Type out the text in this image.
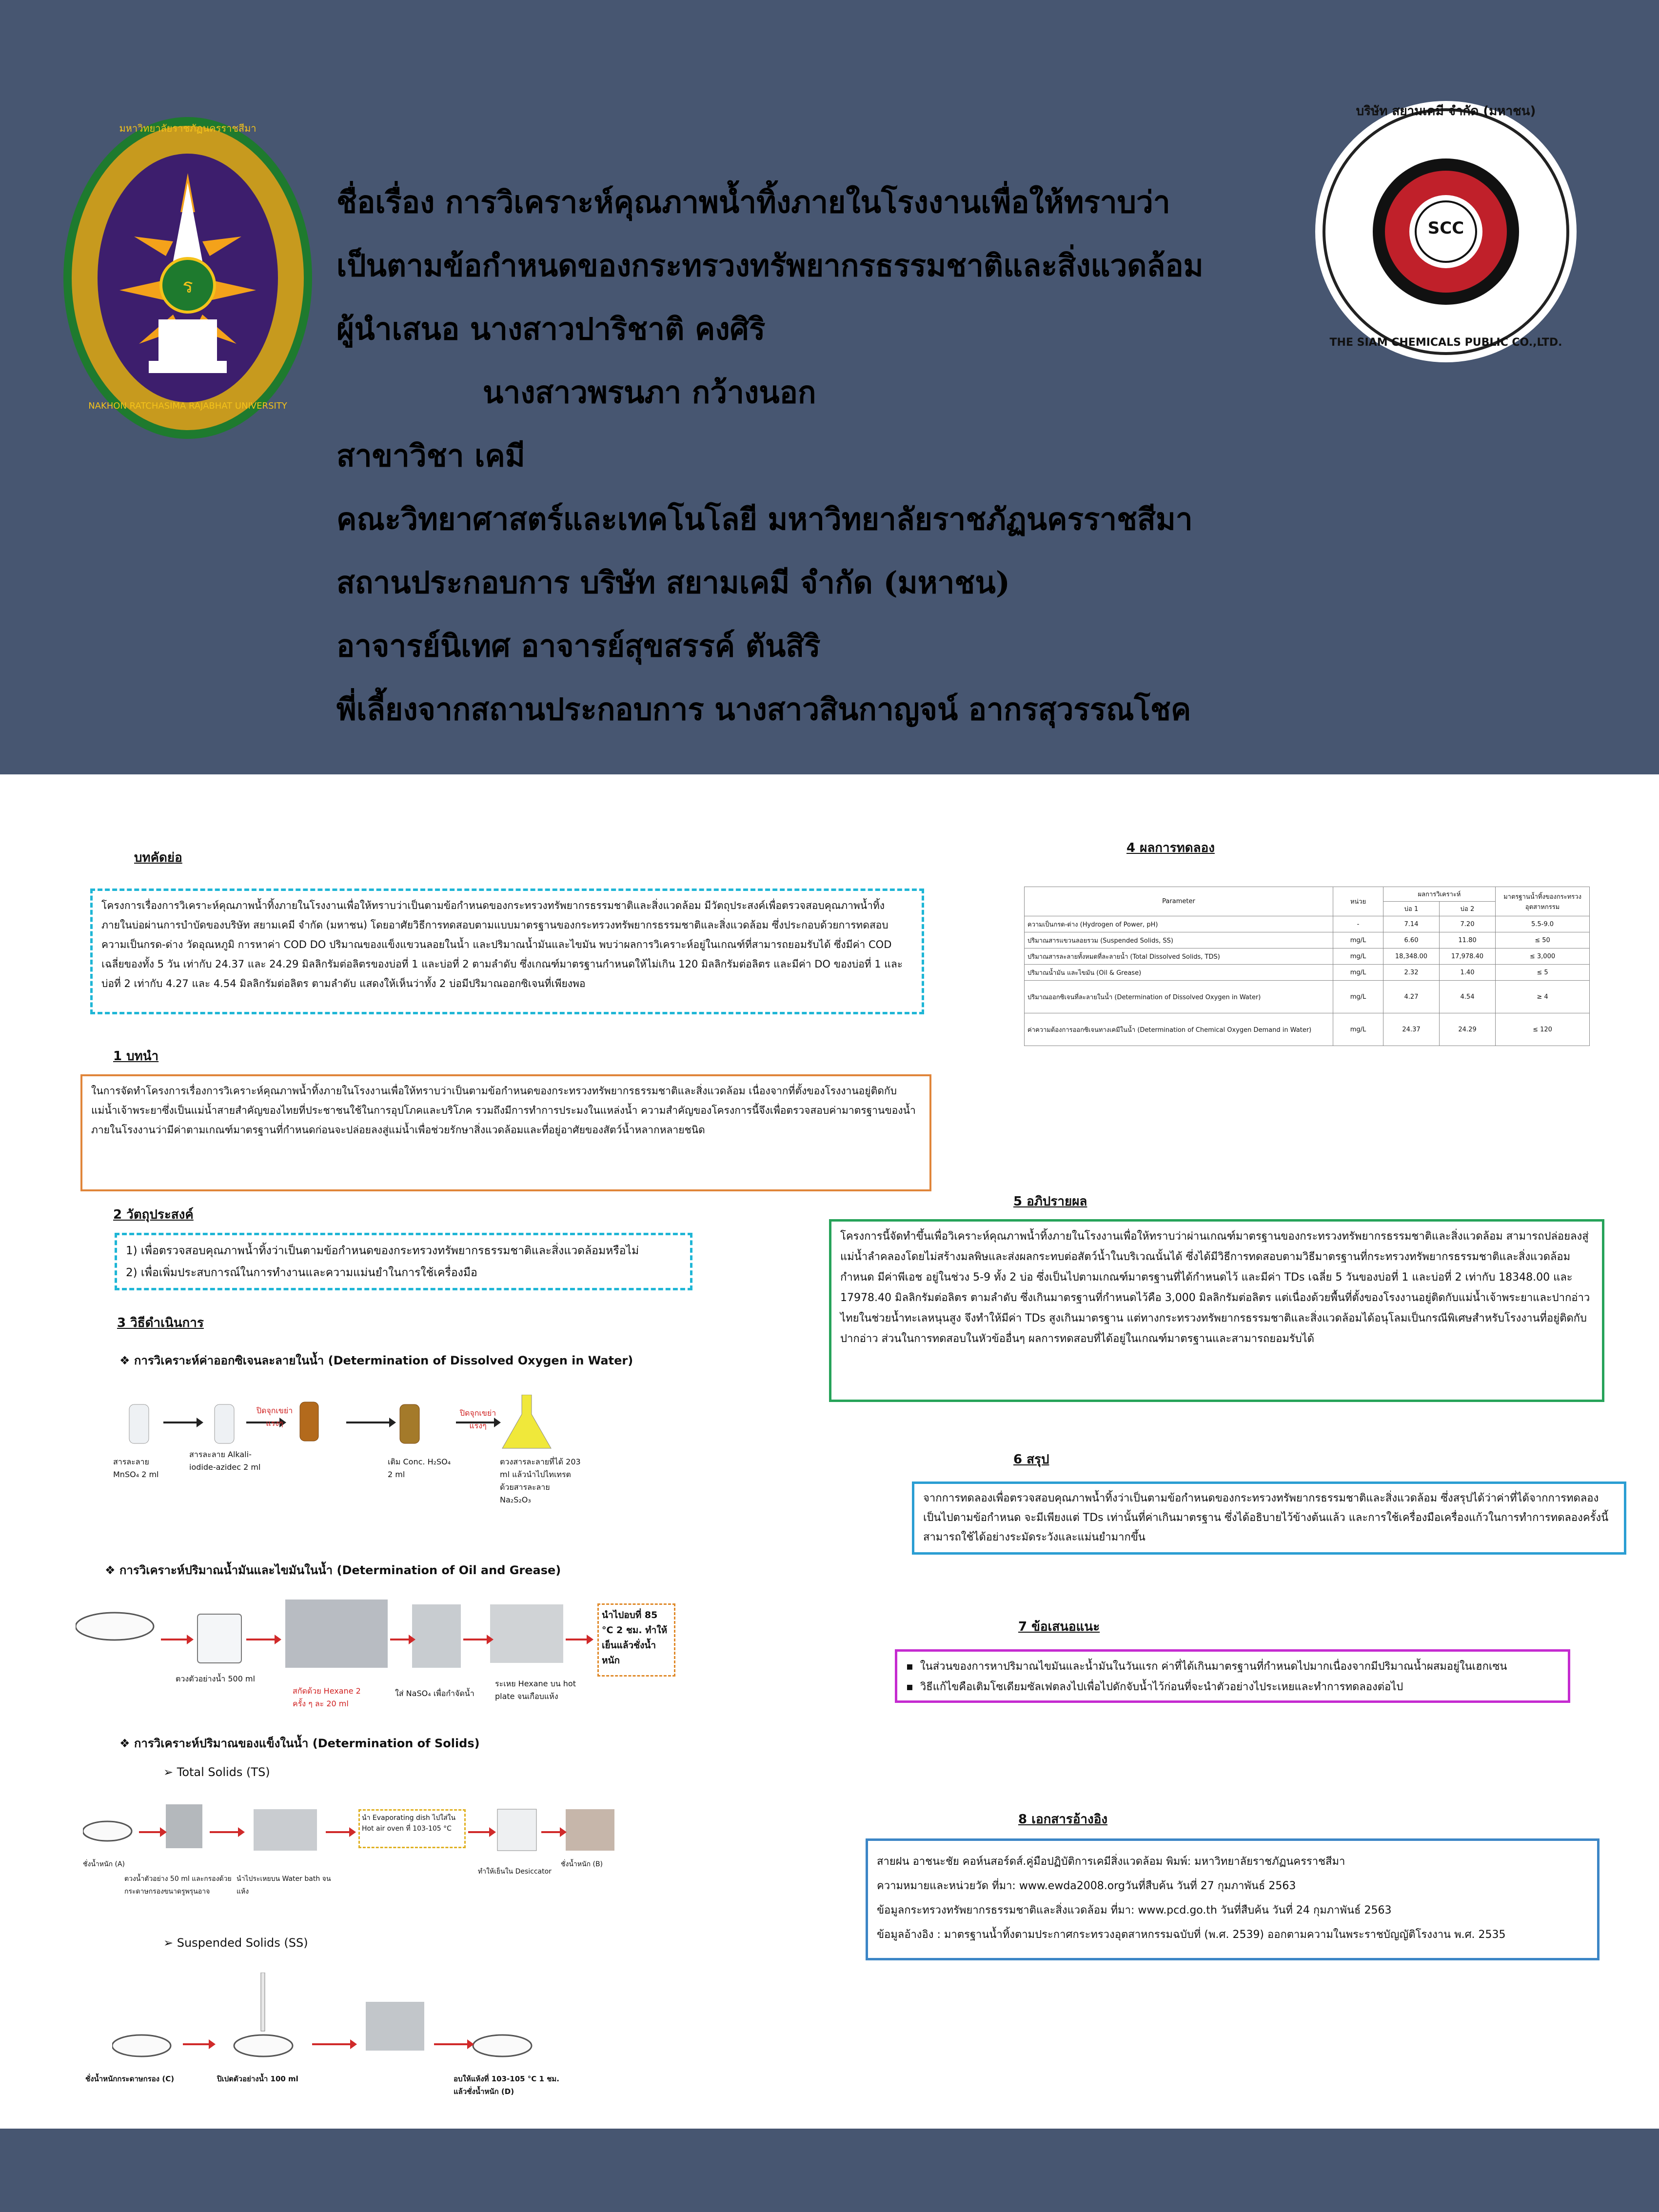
ร
NAKHON RATCHASIMA RAJABHAT UNIVERSITY
มหาวิทยาลัยราชภัฏนครราชสีมา
SCC
บริษัท สยามเคมี จำกัด (มหาชน)
THE SIAM CHEMICALS PUBLIC CO.,LTD.
ชื่อเรื่อง การวิเคราะห์คุณภาพน้ำทิ้งภายในโรงงานเพื่อให้ทราบว่า
เป็นตามข้อกำหนดของกระทรวงทรัพยากรธรรมชาติและสิ่งแวดล้อม
ผู้นำเสนอ นางสาวปาริชาติ คงศิริ
นางสาวพรนภา กว้างนอก
สาขาวิชา เคมี
คณะวิทยาศาสตร์และเทคโนโลยี มหาวิทยาลัยราชภัฏนครราชสีมา
สถานประกอบการ บริษัท สยามเคมี จำกัด (มหาชน)
อาจารย์นิเทศ อาจารย์สุขสรรค์ ตันสิริ
พี่เลี้ยงจากสถานประกอบการ นางสาวสินกาญจน์ อากรสุวรรณโชค
บทคัดย่อ

โครงการเรื่องการวิเคราะห์คุณภาพน้ำทิ้งภายในโรงงานเพื่อให้ทราบว่าเป็นตามข้อกำหนดของกระทรวงทรัพยากรธรรมชาติและสิ่งแวดล้อม มีวัตถุประสงค์เพื่อตรวจสอบคุณภาพน้ำทิ้งภายในบ่อผ่านการบำบัดของบริษัท สยามเคมี จำกัด (มหาชน) โดยอาศัยวิธีการทดสอบตามแบบมาตรฐานของกระทรวงทรัพยากรธรรมชาติและสิ่งแวดล้อม ซึ่งประกอบด้วยการทดสอบความเป็นกรด-ด่าง วัดอุณหภูมิ การหาค่า COD DO ปริมาณของแข็งแขวนลอยในน้ำ และปริมาณน้ำมันและไขมัน พบว่าผลการวิเคราะห์อยู่ในเกณฑ์ที่สามารถยอมรับได้ ซึ่งมีค่า COD เฉลี่ยของทั้ง 5 วัน เท่ากับ 24.37 และ 24.29 มิลลิกรัมต่อลิตรของบ่อที่ 1 และบ่อที่ 2 ตามลำดับ ซึ่งเกณฑ์มาตรฐานกำหนดให้ไม่เกิน 120 มิลลิกรัมต่อลิตร และมีค่า DO ของบ่อที่ 1 และบ่อที่ 2 เท่ากับ 4.27 และ 4.54 มิลลิกรัมต่อลิตร ตามลำดับ แสดงให้เห็นว่าทั้ง 2 บ่อมีปริมาณออกซิเจนที่เพียงพอ

1 บทนำ

ในการจัดทำโครงการเรื่องการวิเคราะห์คุณภาพน้ำทิ้งภายในโรงงานเพื่อให้ทราบว่าเป็นตามข้อกำหนดของกระทรวงทรัพยากรธรรมชาติและสิ่งแวดล้อม เนื่องจากที่ตั้งของโรงงานอยู่ติดกับแม่น้ำเจ้าพระยาซึ่งเป็นแม่น้ำสายสำคัญของไทยที่ประชาชนใช้ในการอุปโภคและบริโภค รวมถึงมีการทำการประมงในแหล่งน้ำ ความสำคัญของโครงการนี้จึงเพื่อตรวจสอบค่ามาตรฐานของน้ำภายในโรงงานว่ามีค่าตามเกณฑ์มาตรฐานที่กำหนดก่อนจะปล่อยลงสู่แม่น้ำเพื่อช่วยรักษาสิ่งแวดล้อมและที่อยู่อาศัยของสัตว์น้ำหลากหลายชนิด

2 วัตถุประสงค์

1) เพื่อตรวจสอบคุณภาพน้ำทิ้งว่าเป็นตามข้อกำหนดของกระทรวงทรัพยากรธรรมชาติและสิ่งแวดล้อมหรือไม่

2) เพื่อเพิ่มประสบการณ์ในการทำงานและความแม่นยำในการใช้เครื่องมือ

3 วิธีดำเนินการ
❖ การวิเคราะห์ค่าออกซิเจนละลายในน้ำ (Determination of Dissolved Oxygen in Water)
สารละลาย MnSO₄ 2 ml
สารละลาย Alkali-iodide-azidec 2 ml
ปิดจุกเขย่าแรงๆ
เติม Conc. H₂SO₄ 2 ml
ปิดจุกเขย่าแรงๆ
ตวงสารละลายที่ได้ 203 ml แล้วนำไปไทเทรตด้วยสารละลาย Na₂S₂O₃
❖ การวิเคราะห์ปริมาณน้ำมันและไขมันในน้ำ (Determination of Oil and Grease)
ตวงตัวอย่างน้ำ 500 ml
สกัดด้วย Hexane 2 ครั้ง ๆ ละ 20 ml
ใส่ NaSO₄ เพื่อกำจัดน้ำ
ระเหย Hexane บน hot plate จนเกือบแห้ง
นำไปอบที่ 85 °C 2 ชม. ทำให้เย็นแล้วชั่งน้ำหนัก
❖ การวิเคราะห์ปริมาณของแข็งในน้ำ (Determination of Solids)
➢ Total Solids (TS)
ชั่งน้ำหนัก (A)
ตวงน้ำตัวอย่าง 50 ml และกรองด้วยกระดาษกรองขนาดรูพรุนอาจ
นำไประเหยบน Water bath จนแห้ง
นำ Evaporating dish ไปใส่ใน Hot air oven ที่ 103-105 °C
ทำให้เย็นใน Desiccator
ชั่งน้ำหนัก (B)
➢ Suspended Solids (SS)
ชั่งน้ำหนักกระดาษกรอง (C)	ปิเปตตัวอย่างน้ำ 100 ml	อบให้แห้งที่ 103-105 °C 1 ชม. แล้วชั่งน้ำหนัก (D)
4 ผลการทดลอง
Parameter	หน่วย	ผลการวิเคราะห์		มาตรฐานน้ำทิ้งของกระทรวงอุตสาหกรรม
		บ่อ 1	บ่อ 2	
ความเป็นกรด-ด่าง (Hydrogen of Power, pH)	-	7.14	7.20	5.5-9.0
ปริมาณสารแขวนลอยรวม (Suspended Solids, SS)	mg/L	6.60	11.80	≤ 50
ปริมาณสารละลายทั้งหมดที่ละลายน้ำ (Total Dissolved Solids, TDS)	mg/L	18,348.00	17,978.40	≤ 3,000
ปริมาณน้ำมัน และไขมัน (Oil & Grease)	mg/L	2.32	1.40	≤ 5
ปริมาณออกซิเจนที่ละลายในน้ำ (Determination of Dissolved Oxygen in Water)	mg/L	4.27	4.54	≥ 4
ค่าความต้องการออกซิเจนทางเคมีในน้ำ (Determination of Chemical Oxygen Demand in Water)	mg/L	24.37	24.29	≤ 120
5 อภิปรายผล

โครงการนี้จัดทำขึ้นเพื่อวิเคราะห์คุณภาพน้ำทิ้งภายในโรงงานเพื่อให้ทราบว่าผ่านเกณฑ์มาตรฐานของกระทรวงทรัพยากรธรรมชาติและสิ่งแวดล้อม สามารถปล่อยลงสู่แม่น้ำลำคลองโดยไม่สร้างมลพิษและส่งผลกระทบต่อสัตว์น้ำในบริเวณนั้นได้ ซึ่งได้มีวิธีการทดสอบตามวิธีมาตรฐานที่กระทรวงทรัพยากรธรรมชาติและสิ่งแวดล้อมกำหนด มีค่าพีเอช อยู่ในช่วง 5-9 ทั้ง 2 บ่อ ซึ่งเป็นไปตามเกณฑ์มาตรฐานที่ได้กำหนดไว้ และมีค่า TDs เฉลี่ย 5 วันของบ่อที่ 1 และบ่อที่ 2 เท่ากับ 18348.00 และ 17978.40 มิลลิกรัมต่อลิตร ตามลำดับ ซึ่งเกินมาตรฐานที่กำหนดไว้คือ 3,000 มิลลิกรัมต่อลิตร แต่เนื่องด้วยพื้นที่ตั้งของโรงงานอยู่ติดกับแม่น้ำเจ้าพระยาและปากอ่าวไทยในช่วยน้ำทะเลหนุนสูง จึงทำให้มีค่า TDs สูงเกินมาตรฐาน แต่ทางกระทรวงทรัพยากรธรรมชาติและสิ่งแวดล้อมได้อนุโลมเป็นกรณีพิเศษสำหรับโรงงานที่อยู่ติดกับปากอ่าว ส่วนในการทดสอบในหัวข้ออื่นๆ ผลการทดสอบที่ได้อยู่ในเกณฑ์มาตรฐานและสามารถยอมรับได้

6 สรุป

จากการทดลองเพื่อตรวจสอบคุณภาพน้ำทิ้งว่าเป็นตามข้อกำหนดของกระทรวงทรัพยากรธรรมชาติและสิ่งแวดล้อม ซึ่งสรุปได้ว่าค่าที่ได้จากการทดลองเป็นไปตามข้อกำหนด จะมีเพียงแต่ TDs เท่านั้นที่ค่าเกินมาตรฐาน ซึ่งได้อธิบายไว้ข้างต้นแล้ว และการใช้เครื่องมือเครื่องแก้วในการทำการทดลองครั้งนี้สามารถใช้ได้อย่างระมัดระวังและแม่นยำมากขึ้น

7 ข้อเสนอแนะ

▪  ในส่วนของการหาปริมาณไขมันและน้ำมันในวันแรก ค่าที่ได้เกินมาตรฐานที่กำหนดไปมากเนื่องจากมีปริมาณน้ำผสมอยู่ในเฮกเซน

▪  วิธีแก้ไขคือเติมโซเดียมซัลเฟตลงไปเพื่อไปดักจับน้ำไว้ก่อนที่จะนำตัวอย่างไประเหยและทำการทดลองต่อไป

8 เอกสารอ้างอิง

สายฝน อาชนะชัย คอห์นสอร์ดส์.คู่มือปฏิบัติการเคมีสิ่งแวดล้อม พิมพ์: มหาวิทยาลัยราชภัฏนครราชสีมา

ความหมายและหน่วยวัด ที่มา: www.ewda2008.orgวันที่สืบค้น วันที่ 27 กุมภาพันธ์ 2563

ข้อมูลกระทรวงทรัพยากรธรรมชาติและสิ่งแวดล้อม ที่มา: www.pcd.go.th วันที่สืบค้น วันที่ 24 กุมภาพันธ์ 2563

ข้อมูลอ้างอิง : มาตรฐานน้ำทิ้งตามประกาศกระทรวงอุตสาหกรรมฉบับที่ (พ.ศ. 2539) ออกตามความในพระราชบัญญัติโรงงาน พ.ศ. 2535
